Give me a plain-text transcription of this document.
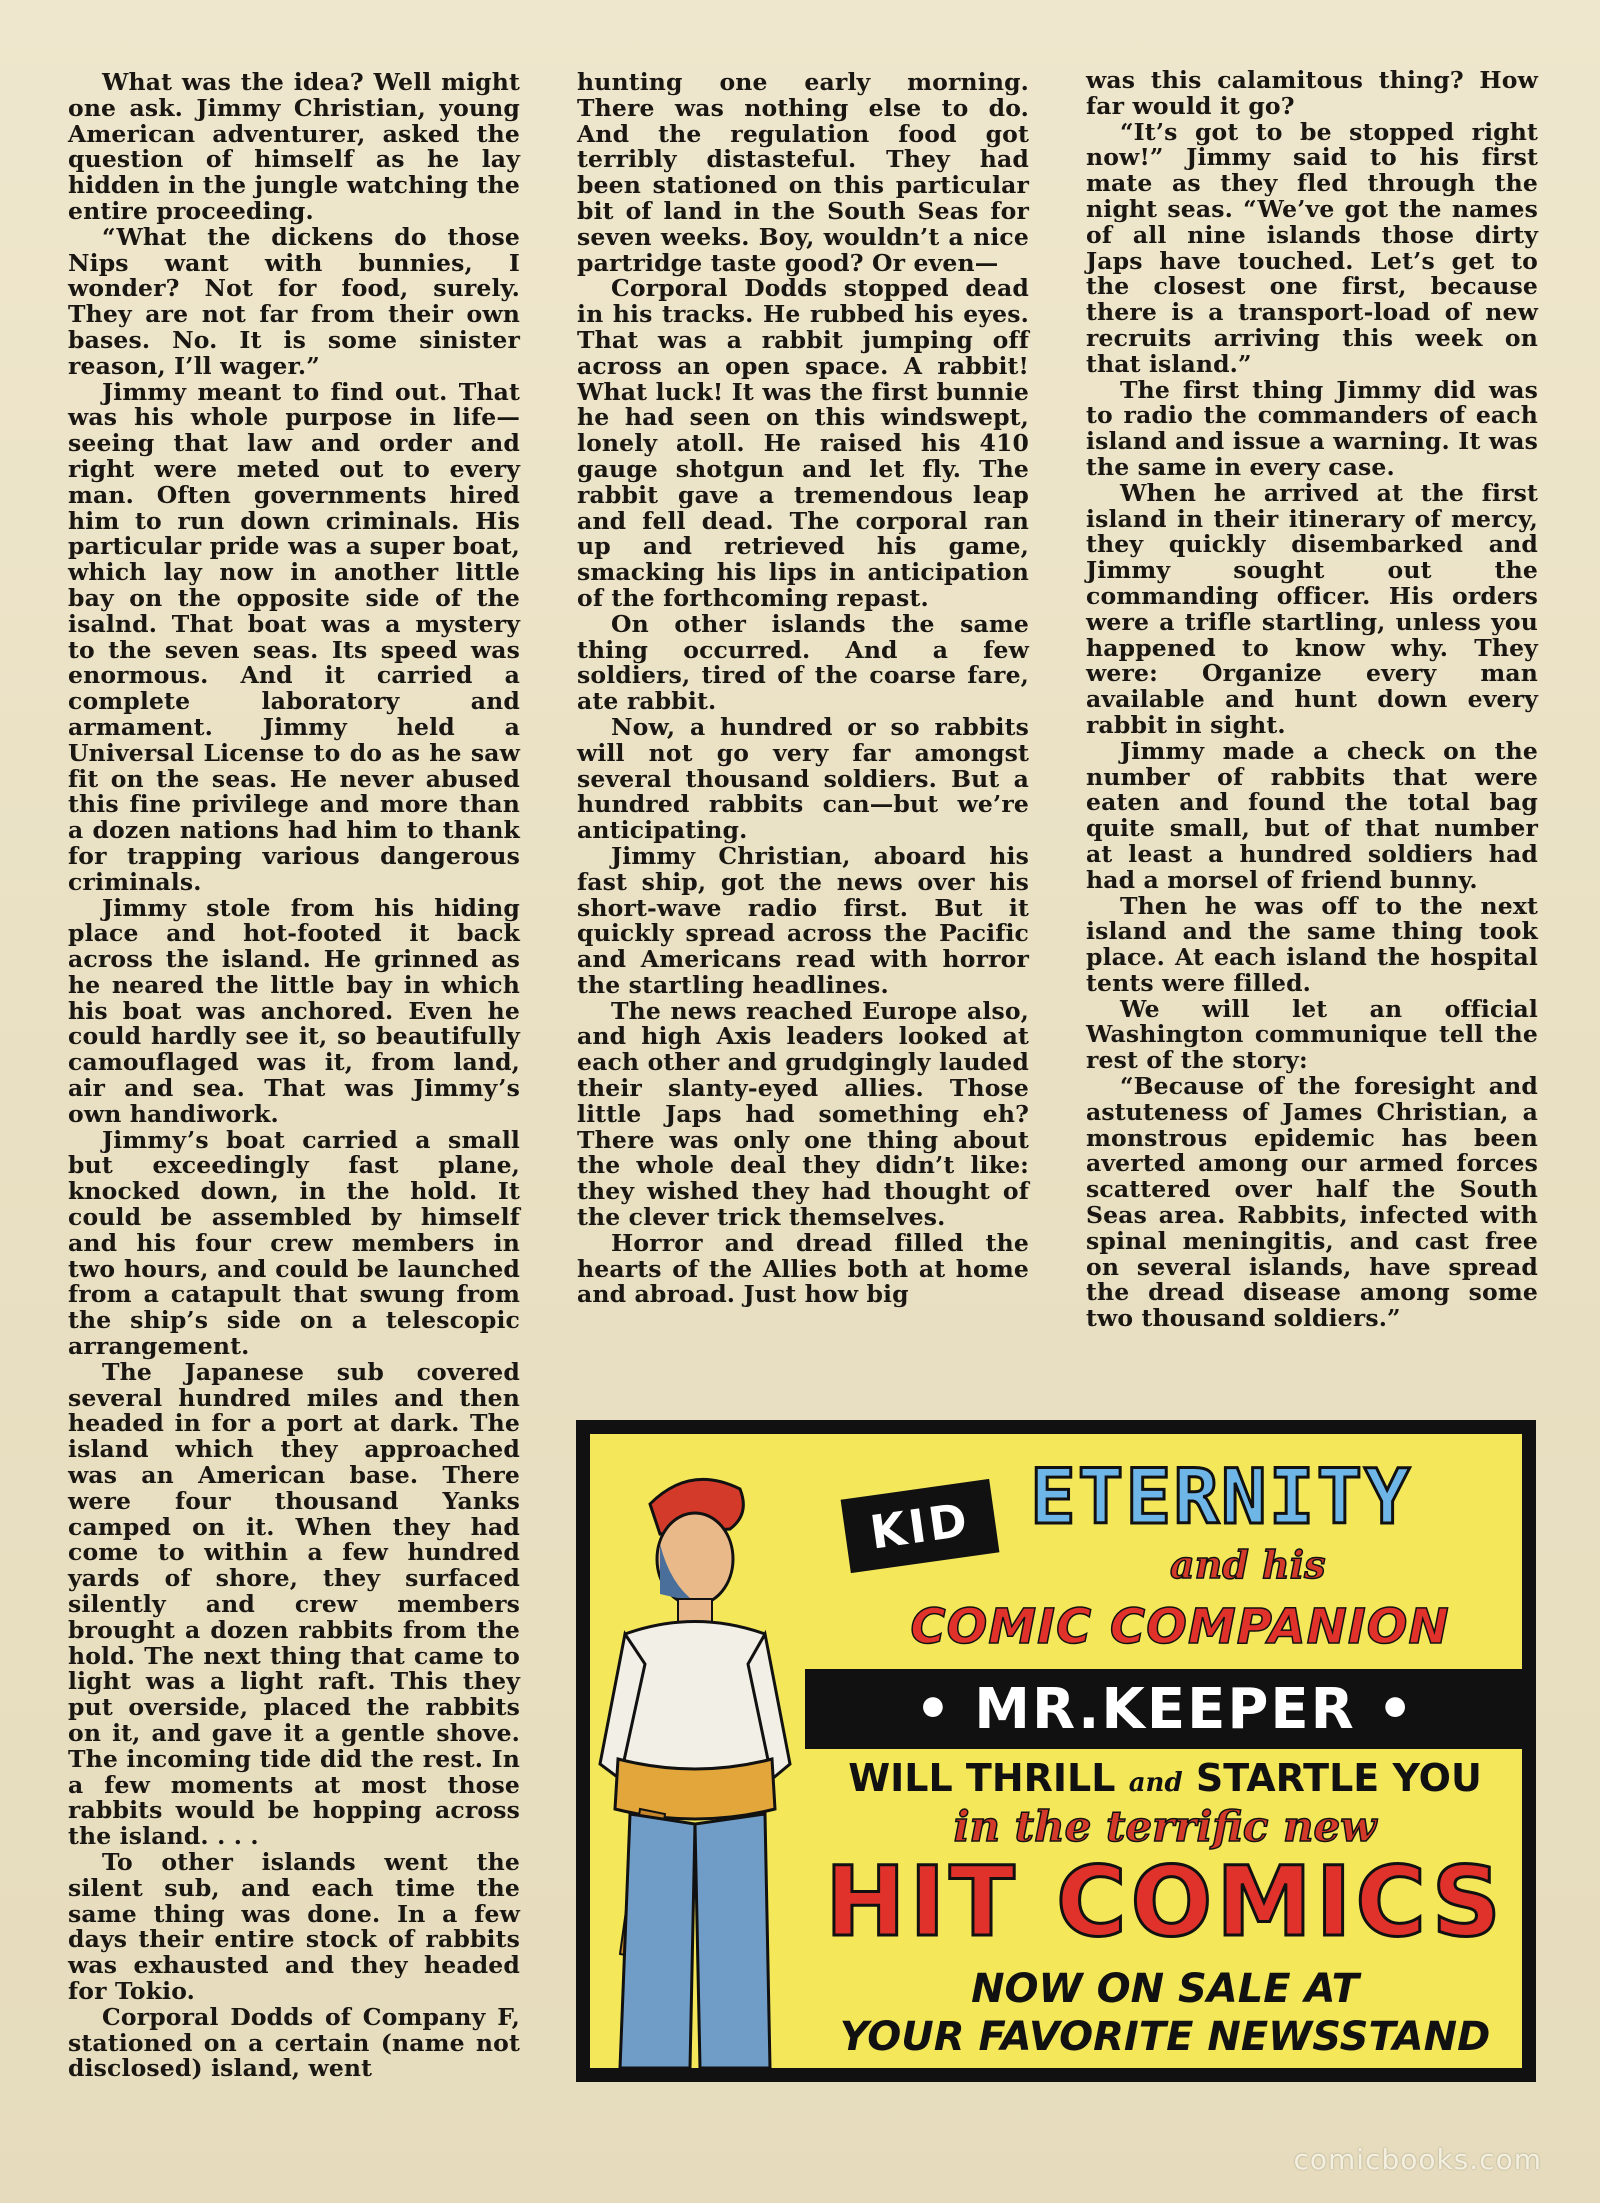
What was the idea? Well might one ask. Jimmy Christian, young American adventurer, asked the question of himself as he lay hidden in the jungle watching the entire proceeding.

“What the dickens do those Nips want with bunnies, I wonder? Not for food, surely. They are not far from their own bases. No. It is some sinister reason, I’ll wager.”

Jimmy meant to find out. That was his whole purpose in life—seeing that law and order and right were meted out to every man. Often governments hired him to run down criminals. His particular pride was a super boat, which lay now in another little bay on the opposite side of the isalnd. That boat was a mystery to the seven seas. Its speed was enormous. And it carried a complete laboratory and armament. Jimmy held a Universal License to do as he saw fit on the seas. He never abused this fine privilege and more than a dozen nations had him to thank for trapping various dangerous criminals.

Jimmy stole from his hiding place and hot-footed it back across the island. He grinned as he neared the little bay in which his boat was anchored. Even he could hardly see it, so beautifully camouflaged was it, from land, air and sea. That was Jimmy’s own handiwork.

Jimmy’s boat carried a small but exceedingly fast plane, knocked down, in the hold. It could be assembled by himself and his four crew members in two hours, and could be launched from a catapult that swung from the ship’s side on a telescopic arrangement.

The Japanese sub covered several hundred miles and then headed in for a port at dark. The island which they approached was an American base. There were four thousand Yanks camped on it. When they had come to within a few hundred yards of shore, they surfaced silently and crew members brought a dozen rabbits from the hold. The next thing that came to light was a light raft. This they put overside, placed the rabbits on it, and gave it a gentle shove. The incoming tide did the rest. In a few moments at most those rabbits would be hopping across the island. . . .

To other islands went the silent sub, and each time the same thing was done. In a few days their entire stock of rabbits was exhausted and they headed for Tokio.

Corporal Dodds of Company F, stationed on a certain (name not disclosed) island, went

hunting one early morning. There was nothing else to do. And the regulation food got terribly distasteful. They had been stationed on this particular bit of land in the South Seas for seven weeks. Boy, wouldn’t a nice partridge taste good? Or even—

Corporal Dodds stopped dead in his tracks. He rubbed his eyes. That was a rabbit jumping off across an open space. A rabbit! What luck! It was the first bunnie he had seen on this windswept, lonely atoll. He raised his 410 gauge shotgun and let fly. The rabbit gave a tremendous leap and fell dead. The corporal ran up and retrieved his game, smacking his lips in anticipation of the forthcoming repast.

On other islands the same thing occurred. And a few soldiers, tired of the coarse fare, ate rabbit.

Now, a hundred or so rabbits will not go very far amongst several thousand soldiers. But a hundred rabbits can—but we’re anticipating.

Jimmy Christian, aboard his fast ship, got the news over his short-wave radio first. But it quickly spread across the Pacific and Americans read with horror the startling headlines.

The news reached Europe also, and high Axis leaders looked at each other and grudgingly lauded their slanty-eyed allies. Those little Japs had something eh? There was only one thing about the whole deal they didn’t like: they wished they had thought of the clever trick themselves.

Horror and dread filled the hearts of the Allies both at home and abroad. Just how big

was this calamitous thing? How far would it go?

“It’s got to be stopped right now!” Jimmy said to his first mate as they fled through the night seas. “We’ve got the names of all nine islands those dirty Japs have touched. Let’s get to the closest one first, because there is a transport-load of new recruits arriving this week on that island.”

The first thing Jimmy did was to radio the commanders of each island and issue a warning. It was the same in every case.

When he arrived at the first island in their itinerary of mercy, they quickly disembarked and Jimmy sought out the commanding officer. His orders were a trifle startling, unless you happened to know why. They were: Organize every man available and hunt down every rabbit in sight.

Jimmy made a check on the number of rabbits that were eaten and found the total bag quite small, but of that number at least a hundred soldiers had had a morsel of friend bunny.

Then he was off to the next island and the same thing took place. At each island the hospital tents were filled.

We will let an official Washington communique tell the rest of the story:

“Because of the foresight and astuteness of James Christian, a monstrous epidemic has been averted among our armed forces scattered over half the South Seas area. Rabbits, infected with spinal meningitis, and cast free on several islands, have spread the dread disease among some two thousand soldiers.”

KID ETERNITY
and his
COMIC COMPANION
• MR.KEEPER •
WILL THRILL and STARTLE YOU
in the terrific new
HIT COMICS
NOW ON SALE AT
YOUR FAVORITE NEWSSTAND
comicbooks.com
